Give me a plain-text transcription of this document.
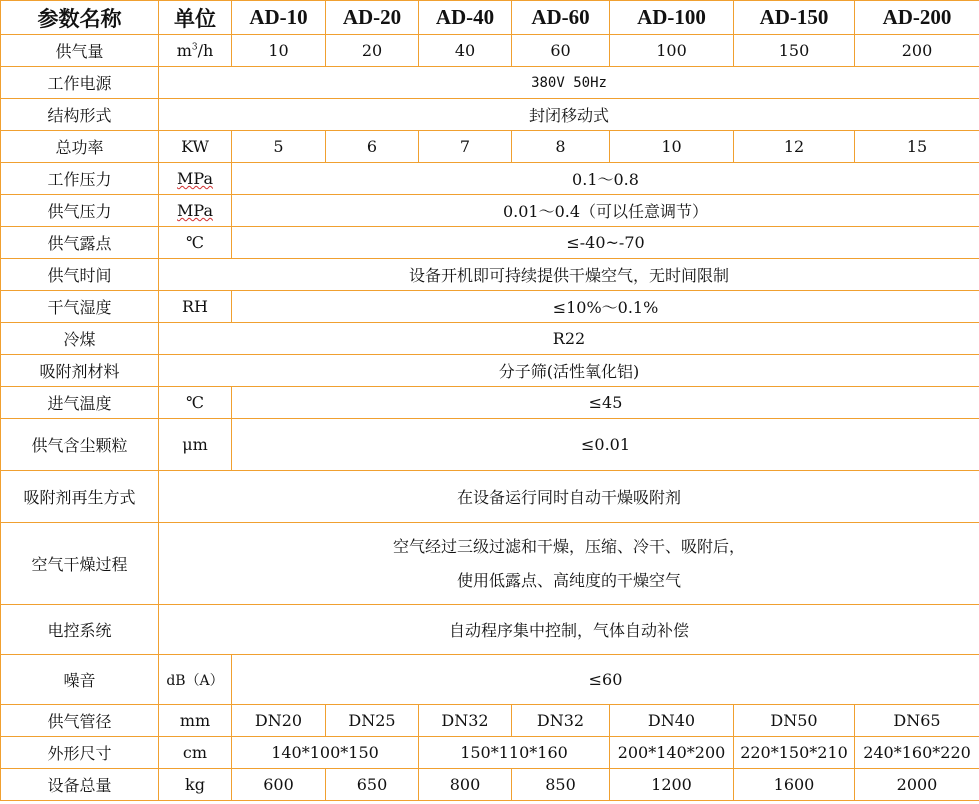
参数名称	单位	AD-10	AD-20	AD-40	AD-60	AD-100	AD-150	AD-200
供气量	$m^3/h$	10	20	40	60	100	150	200
工作电源	380V 50Hz							
结构形式	封闭移动式							
总功率	KW	5	6	7	8	10	12	15
工作压力	MPa	0.1～0.8						
供气压力	MPa	0.01～0.4（可以任意调节）						
供气露点	℃	≤-40~-70						
供气时间	设备开机即可持续提供干燥空气，无时间限制							
干气湿度	RH	≤10%～0.1%						
冷煤	R22							
吸附剂材料	分子筛(活性氧化铝)							
进气温度	℃	≤45						
供气含尘颗粒	μm	≤0.01						
吸附剂再生方式	在设备运行同时自动干燥吸附剂							
空气干燥过程	空气经过三级过滤和干燥，压缩、冷干、吸附后，
使用低露点、高纯度的干燥空气							

电控系统	自动程序集中控制，气体自动补偿							
噪音	dB（A）	≤60						
供气管径	mm	DN20	DN25	DN32	DN32	DN40	DN50	DN65
外形尺寸	cm	140*100*150		150*110*160		200*140*200	220*150*210	240*160*220
设备总量	kg	600	650	800	850	1200	1600	2000
